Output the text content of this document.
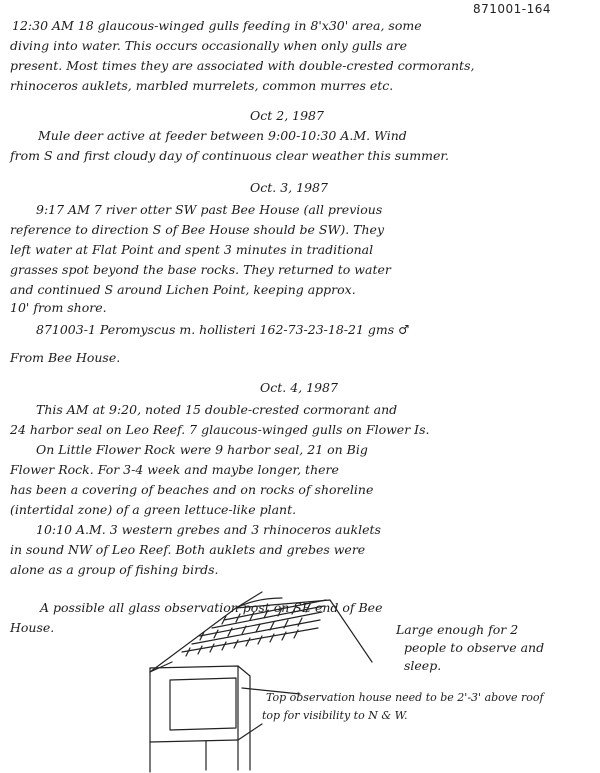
871001-164
12:30 AM 18 glaucous-winged gulls feeding in 8'x30' area, some
diving into water. This occurs occasionally when only gulls are
present. Most times they are associated with double-crested cormorants,
rhinoceros auklets, marbled murrelets, common murres etc.
Oct 2, 1987
Mule deer active at feeder between 9:00-10:30 A.M. Wind
from S and first cloudy day of continuous clear weather this summer.
Oct. 3, 1987
9:17 AM 7 river otter SW past Bee House (all previous
reference to direction S of Bee House should be SW). They
left water at Flat Point and spent 3 minutes in traditional
grasses spot beyond the base rocks. They returned to water
and continued S around Lichen Point, keeping approx.
10' from shore.
871003-1 Peromyscus m. hollisteri 162-73-23-18-21 gms ♂
From Bee House.
Oct. 4, 1987
This AM at 9:20, noted 15 double-crested cormorant and
24 harbor seal on Leo Reef. 7 glaucous-winged gulls on Flower Is.
On Little Flower Rock were 9 harbor seal, 21 on Big
Flower Rock. For 3-4 week and maybe longer, there
has been a covering of beaches and on rocks of shoreline
(intertidal zone) of a green lettuce-like plant.
10:10 A.M. 3 western grebes and 3 rhinoceros auklets
in sound NW of Leo Reef. Both auklets and grebes were
alone as a group of fishing birds.
A possible all glass observation post on SE end of Bee
House.	Large enough for 2
people to observe and
sleep.
Top observation house need to be 2'-3' above roof
top for visibility to N & W.
